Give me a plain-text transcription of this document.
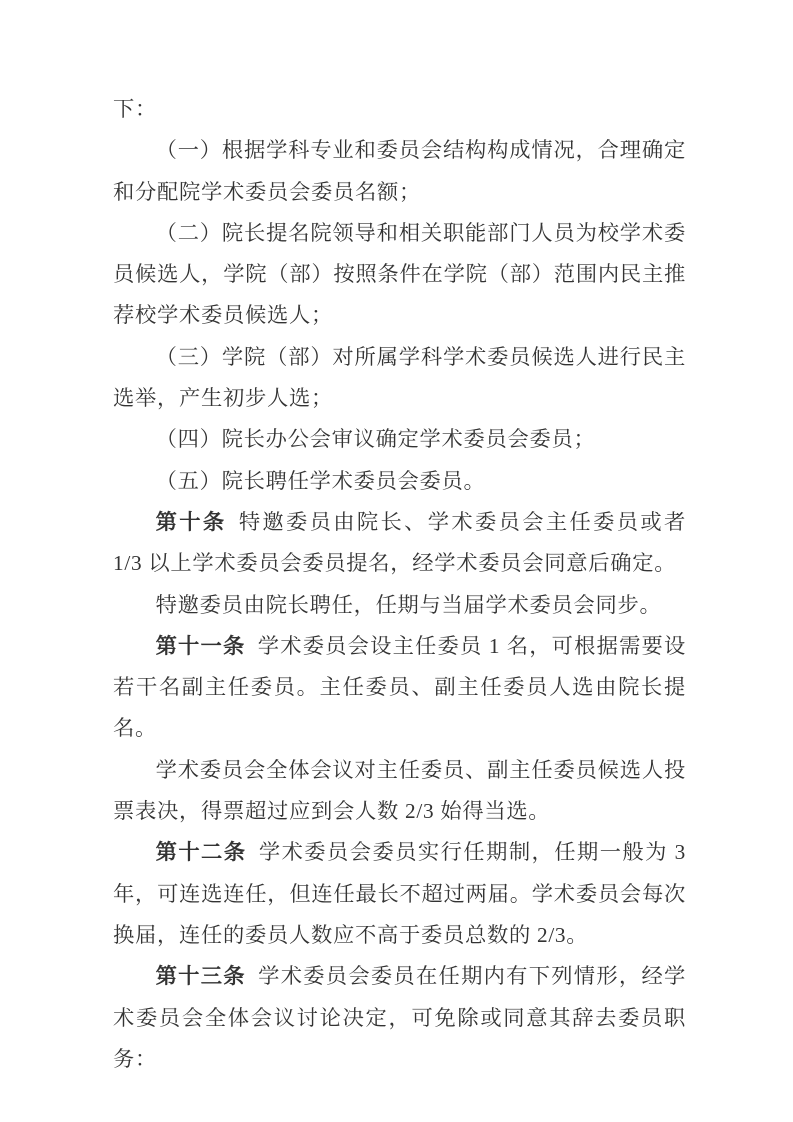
下：

（一）根据学科专业和委员会结构构成情况，合理确定和分配院学术委员会委员名额；

（二）院长提名院领导和相关职能部门人员为校学术委员候选人，学院（部）按照条件在学院（部）范围内民主推荐校学术委员候选人；

（三）学院（部）对所属学科学术委员候选人进行民主选举，产生初步人选；

（四）院长办公会审议确定学术委员会委员；

（五）院长聘任学术委员会委员。

第十条 特邀委员由院长、学术委员会主任委员或者 1/3 以上学术委员会委员提名，经学术委员会同意后确定。

特邀委员由院长聘任，任期与当届学术委员会同步。

第十一条 学术委员会设主任委员 1 名，可根据需要设若干名副主任委员。主任委员、副主任委员人选由院长提名。

学术委员会全体会议对主任委员、副主任委员候选人投票表决，得票超过应到会人数 2/3 始得当选。

第十二条 学术委员会委员实行任期制，任期一般为 3 年，可连选连任，但连任最长不超过两届。学术委员会每次换届，连任的委员人数应不高于委员总数的 2/3。

第十三条 学术委员会委员在任期内有下列情形，经学术委员会全体会议讨论决定，可免除或同意其辞去委员职务：
